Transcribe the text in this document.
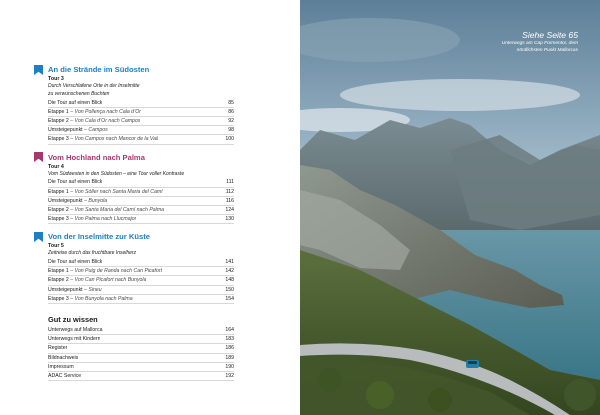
An die Strände im Südosten
Tour 3
Durch Verschlafene Orte in der Inselmitte
zu verwunschenen Buchten
Die Tour auf einen Blick	85
Etappe 1 – Von Pollença nach Cala d’Or	86
Etappe 2 – Von Cala d’Or nach Campos	92
Umsteigepunkt – Campos	98
Etappe 3 – Von Campos nach Mancor de la Vall	100
Vom Hochland nach Palma
Tour 4
Vom Südwesten in den Südosten – eine Tour voller Kontraste
Die Tour auf einen Blick	111
Etappe 1 – Von Sóller nach Santa Maria del Camí	112
Umsteigepunkt – Bunyola	116
Etappe 2 – Von Santa Maria del Camí nach Palma	124
Etappe 3 – Von Palma nach Llucmajor	130
Von der Inselmitte zur Küste
Tour 5
Zeitreise durch das fruchtbare Inselherz
Die Tour auf einen Blick	141
Etappe 1 – Von Puig de Randa nach Can Picafort	142
Etappe 2 – Von Can Picafort nach Bunyola	148
Umsteigepunkt – Sineu	150
Etappe 3 – Von Bunyola nach Palma	154
Gut zu wissen
Unterwegs auf Mallorca	164
Unterwegs mit Kindern	183
Register	186
Bildnachweis	189
Impressum	190
ADAC Service	192
Siehe Seite 65
Unterwegs am Cap Formentor, dem
nördlichsten Punkt Mallorcas
